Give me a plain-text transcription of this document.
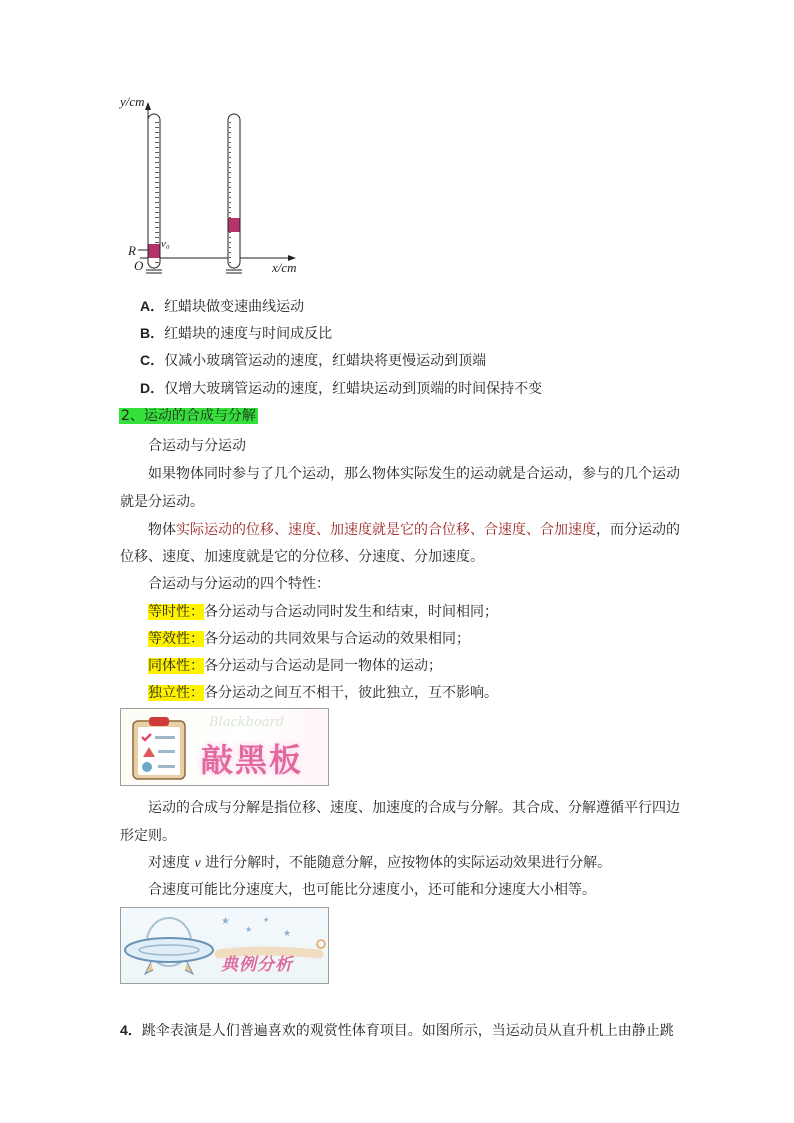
y/cm
x/cm
R
O
v₀
A．红蜡块做变速曲线运动
B．红蜡块的速度与时间成反比
C．仅减小玻璃管运动的速度，红蜡块将更慢运动到顶端
D．仅增大玻璃管运动的速度，红蜡块运动到顶端的时间保持不变
2、运动的合成与分解
合运动与分运动
如果物体同时参与了几个运动，那么物体实际发生的运动就是合运动，参与的几个运动
就是分运动。
物体实际运动的位移、速度、加速度就是它的合位移、合速度、合加速度，而分运动的
位移、速度、加速度就是它的分位移、分速度、分加速度。
合运动与分运动的四个特性：
等时性：各分运动与合运动同时发生和结束，时间相同；
等效性：各分运动的共同效果与合运动的效果相同；
同体性：各分运动与合运动是同一物体的运动；
独立性：各分运动之间互不相干，彼此独立，互不影响。
Blackboard
敲黑板
运动的合成与分解是指位移、速度、加速度的合成与分解。其合成、分解遵循平行四边
形定则。
对速度 v 进行分解时，不能随意分解，应按物体的实际运动效果进行分解。
合速度可能比分速度大，也可能比分速度小，还可能和分速度大小相等。
★
★
★
★
典例分析
4．跳伞表演是人们普遍喜欢的观赏性体育项目。如图所示，当运动员从直升机上由静止跳
